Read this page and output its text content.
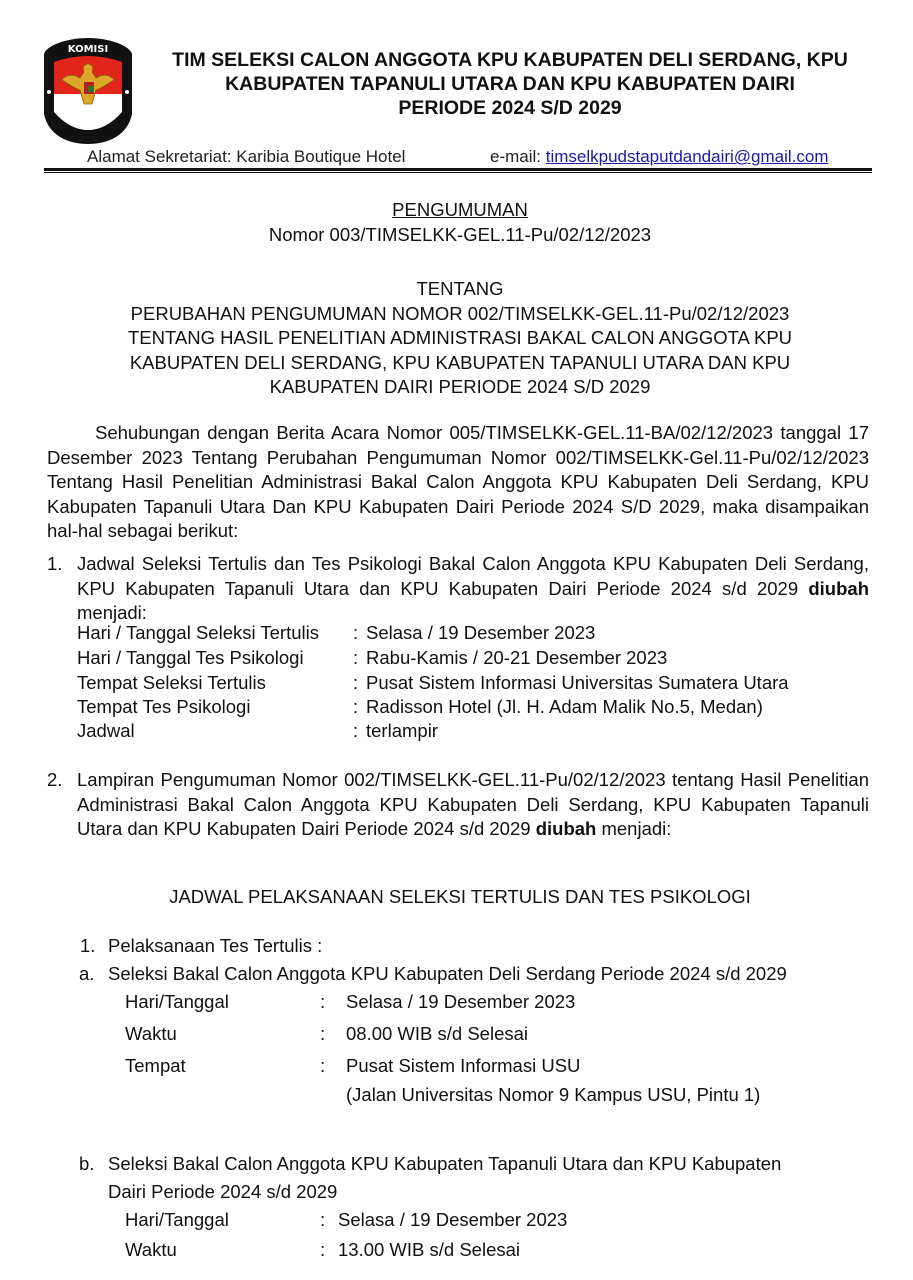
KOMISI	TIM SELEKSI CALON ANGGOTA KPU KABUPATEN DELI SERDANG, KPU
KABUPATEN TAPANULI UTARA DAN KPU KABUPATEN DAIRI
PERIODE 2024 S/D 2029
Alamat Sekretariat: Karibia Boutique Hotel	e-mail: timselkpudstaputdandairi@gmail.com
PENGUMUMAN
Nomor 003/TIMSELKK-GEL.11-Pu/02/12/2023
TENTANG
PERUBAHAN PENGUMUMAN NOMOR 002/TIMSELKK-GEL.11-Pu/02/12/2023
TENTANG HASIL PENELITIAN ADMINISTRASI BAKAL CALON ANGGOTA KPU
KABUPATEN DELI SERDANG, KPU KABUPATEN TAPANULI UTARA DAN KPU
KABUPATEN DAIRI PERIODE 2024 S/D 2029
Sehubungan dengan Berita Acara Nomor 005/TIMSELKK-GEL.11-BA/02/12/2023 tanggal 17 Desember 2023 Tentang Perubahan Pengumuman Nomor 002/TIMSELKK-Gel.11-Pu/02/12/2023 Tentang Hasil Penelitian Administrasi Bakal Calon Anggota KPU Kabupaten Deli Serdang, KPU Kabupaten Tapanuli Utara Dan KPU Kabupaten Dairi Periode 2024 S/D 2029, maka disampaikan hal-hal sebagai berikut:
1. Jadwal Seleksi Tertulis dan Tes Psikologi Bakal Calon Anggota KPU Kabupaten Deli Serdang, KPU Kabupaten Tapanuli Utara dan KPU Kabupaten Dairi Periode 2024 s/d 2029 diubah menjadi:
Hari / Tanggal Seleksi Tertulis : Selasa / 19 Desember 2023
Hari / Tanggal Tes Psikologi	: Rabu-Kamis / 20-21 Desember 2023
Tempat Seleksi Tertulis	: Pusat Sistem Informasi Universitas Sumatera Utara
Tempat Tes Psikologi	: Radisson Hotel (Jl. H. Adam Malik No.5, Medan)
Jadwal	: terlampir
2. Lampiran Pengumuman Nomor 002/TIMSELKK-GEL.11-Pu/02/12/2023 tentang Hasil Penelitian Administrasi Bakal Calon Anggota KPU Kabupaten Deli Serdang, KPU Kabupaten Tapanuli Utara dan KPU Kabupaten Dairi Periode 2024 s/d 2029 diubah menjadi:
JADWAL PELAKSANAAN SELEKSI TERTULIS DAN TES PSIKOLOGI
1. Pelaksanaan Tes Tertulis :
a. Seleksi Bakal Calon Anggota KPU Kabupaten Deli Serdang Periode 2024 s/d 2029
Hari/Tanggal	: Selasa / 19 Desember 2023
Waktu	: 08.00 WIB s/d Selesai
Tempat	: Pusat Sistem Informasi USU
(Jalan Universitas Nomor 9 Kampus USU, Pintu 1)
b. Seleksi Bakal Calon Anggota KPU Kabupaten Tapanuli Utara dan KPU Kabupaten
Dairi Periode 2024 s/d 2029
Hari/Tanggal	: Selasa / 19 Desember 2023
Waktu	: 13.00 WIB s/d Selesai
